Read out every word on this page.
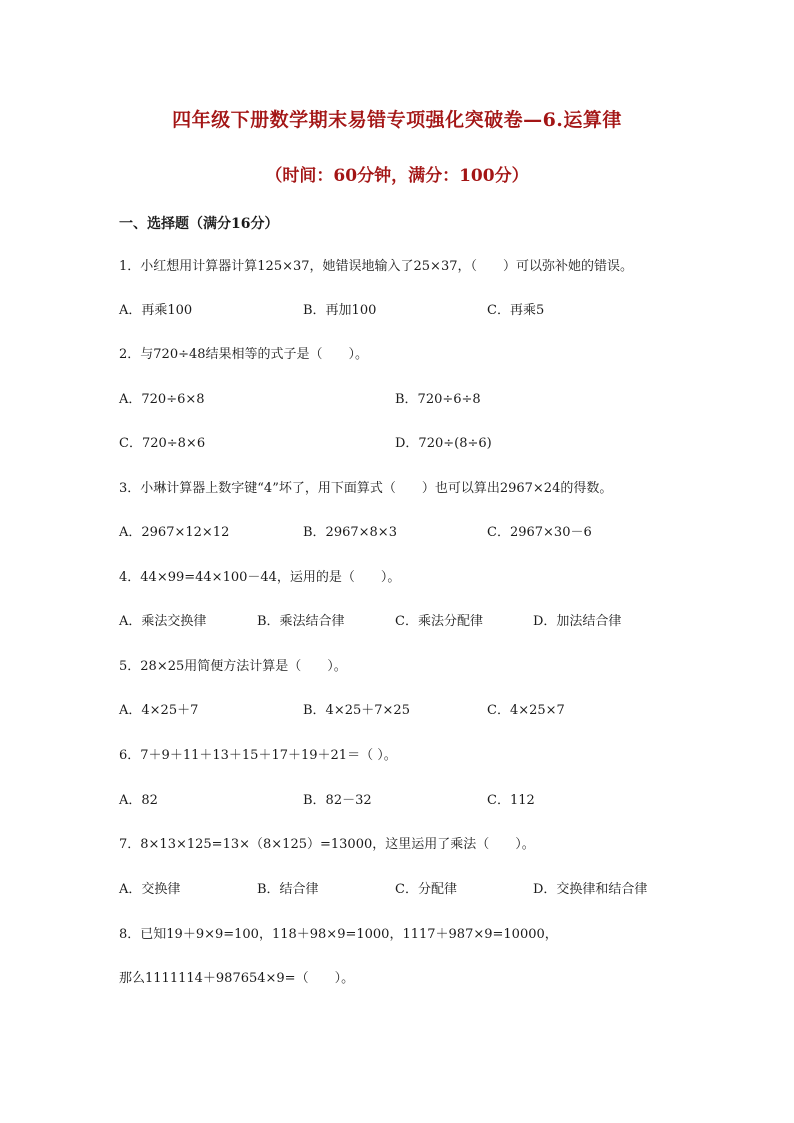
四年级下册数学期末易错专项强化突破卷—6.运算律
（时间：60分钟，满分：100分）
一、选择题（满分16分）
1．小红想用计算器计算125×37，她错误地输入了25×37，（　　）可以弥补她的错误。
A．再乘100	B．再加100	C．再乘5
2．与720÷48结果相等的式子是（　　）。
A．720÷6×8	B．720÷6÷8
C．720÷8×6	D．720÷(8÷6)
3．小琳计算器上数字键“4”坏了，用下面算式（　　）也可以算出2967×24的得数。
A．2967×12×12	B．2967×8×3	C．2967×30－6
4．44×99=44×100－44，运用的是（　　）。
A．乘法交换律	B．乘法结合律	C．乘法分配律	D．加法结合律
5．28×25用简便方法计算是（　　）。
A．4×25＋7	B．4×25＋7×25	C．4×25×7
6．7＋9＋11＋13＋15＋17＋19＋21＝（ ）。
A．82	B．82－32	C．112
7．8×13×125=13×（8×125）=13000，这里运用了乘法（　　）。
A．交换律	B．结合律	C．分配律	D．交换律和结合律
8．已知19＋9×9=100，118＋98×9=1000，1117＋987×9=10000，
那么1111114＋987654×9=（　　）。
